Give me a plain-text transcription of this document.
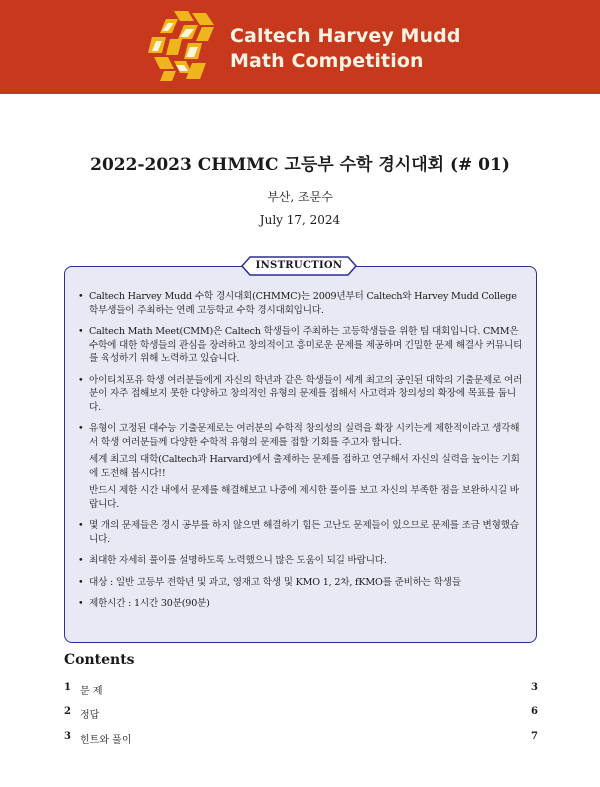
Caltech Harvey Mudd
Math Competition
2022-2023 CHMMC 고등부 수학 경시대회 (# 01)
부산, 조문수
July 17, 2024
INSTRUCTION
• Caltech Harvey Mudd 수학 경시대회(CHMMC)는 2009년부터 Caltech와 Harvey Mudd College 학부생들이 주최하는 연례 고등학교 수학 경시대회입니다.

• Caltech Math Meet(CMM)은 Caltech 학생들이 주최하는 고등학생들을 위한 팀 대회입니다. CMM은 수학에 대한 학생들의 관심을 장려하고 창의적이고 흥미로운 문제를 제공하며 긴밀한 문제 해결사 커뮤니티를 육성하기 위해 노력하고 있습니다.

• 아이티치포유 학생 여러분들에게 자신의 학년과 같은 학생들이 세계 최고의 공인된 대학의 기출문제로 여러분이 자주 접해보지 못한 다양하고 창의적인 유형의 문제를 접해서 사고력과 창의성의 확장에 목표를 둡니다.

• 유형이 고정된 대수능 기출문제로는 여러분의 수학적 창의성의 실력을 확장 시키는게 제한적이라고 생각해서 학생 여러분들께 다양한 수학적 유형의 문제를 접할 기회를 주고자 합니다.

세계 최고의 대학(Caltech과 Harvard)에서 출제하는 문제를 접하고 연구해서 자신의 실력을 높이는 기회에 도전해 봅시다!!

반드시 제한 시간 내에서 문제를 해결해보고 나중에 제시한 풀이를 보고 자신의 부족한 점을 보완하시길 바랍니다.

• 몇 개의 문제들은 경시 공부를 하지 않으면 해결하기 힘든 고난도 문제들이 있으므로 문제를 조금 변형했습니다.

• 최대한 자세히 풀이를 설명하도록 노력했으니 많은 도움이 되길 바랍니다.

• 대상 : 일반 고등부 전학년 및 과고, 영재고 학생 및 KMO 1, 2차, fKMO를 준비하는 학생들

• 제한시간 : 1시간 30분(90분)

Contents
1 문 제	3
2 정답	6
3 힌트와 풀이	7
